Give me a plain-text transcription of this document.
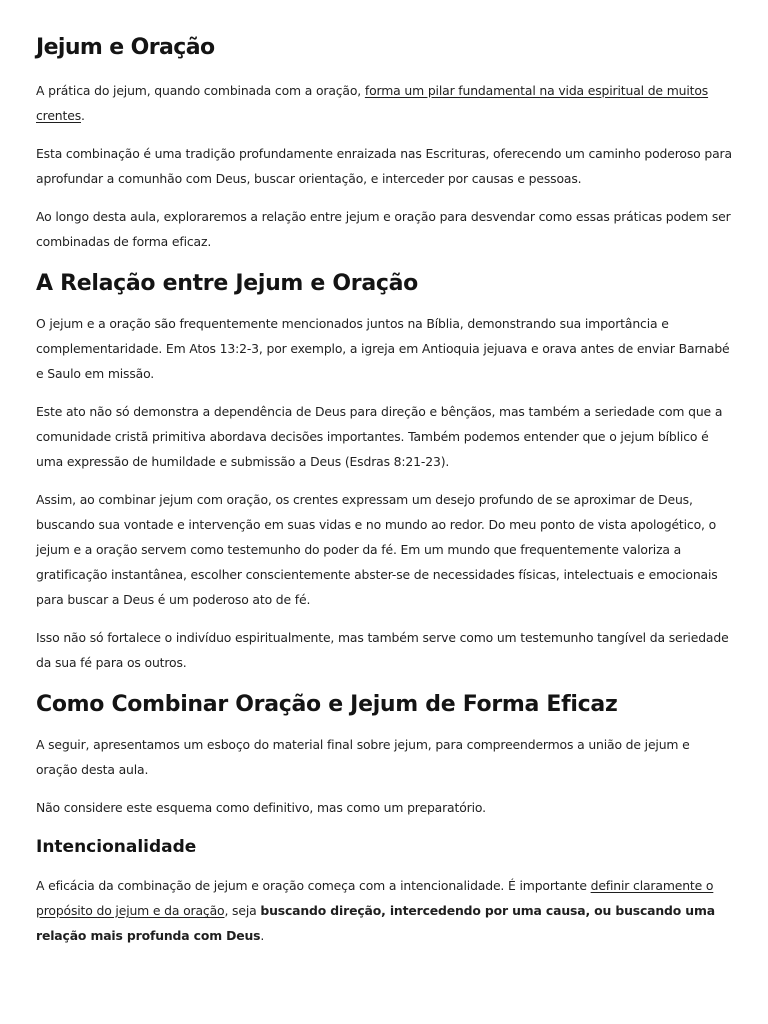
Jejum e Oração

A prática do jejum, quando combinada com a oração, forma um pilar fundamental na vida espiritual de muitos crentes.

Esta combinação é uma tradição profundamente enraizada nas Escrituras, oferecendo um caminho poderoso para aprofundar a comunhão com Deus, buscar orientação, e interceder por causas e pessoas.

Ao longo desta aula, exploraremos a relação entre jejum e oração para desvendar como essas práticas podem ser combinadas de forma eficaz.

A Relação entre Jejum e Oração

O jejum e a oração são frequentemente mencionados juntos na Bíblia, demonstrando sua importância e complementaridade. Em Atos 13:2-3, por exemplo, a igreja em Antioquia jejuava e orava antes de enviar Barnabé e Saulo em missão.

Este ato não só demonstra a dependência de Deus para direção e bênçãos, mas também a seriedade com que a comunidade cristã primitiva abordava decisões importantes. Também podemos entender que o jejum bíblico é uma expressão de humildade e submissão a Deus (Esdras 8:21-23).

Assim, ao combinar jejum com oração, os crentes expressam um desejo profundo de se aproximar de Deus, buscando sua vontade e intervenção em suas vidas e no mundo ao redor. Do meu ponto de vista apologético, o jejum e a oração servem como testemunho do poder da fé. Em um mundo que frequentemente valoriza a gratificação instantânea, escolher conscientemente abster-se de necessidades físicas, intelectuais e emocionais para buscar a Deus é um poderoso ato de fé.

Isso não só fortalece o indivíduo espiritualmente, mas também serve como um testemunho tangível da seriedade da sua fé para os outros.

Como Combinar Oração e Jejum de Forma Eficaz

A seguir, apresentamos um esboço do material final sobre jejum, para compreendermos a união de jejum e oração desta aula.

Não considere este esquema como definitivo, mas como um preparatório.

Intencionalidade

A eficácia da combinação de jejum e oração começa com a intencionalidade. É importante definir claramente o propósito do jejum e da oração, seja buscando direção, intercedendo por uma causa, ou buscando uma relação mais profunda com Deus.
